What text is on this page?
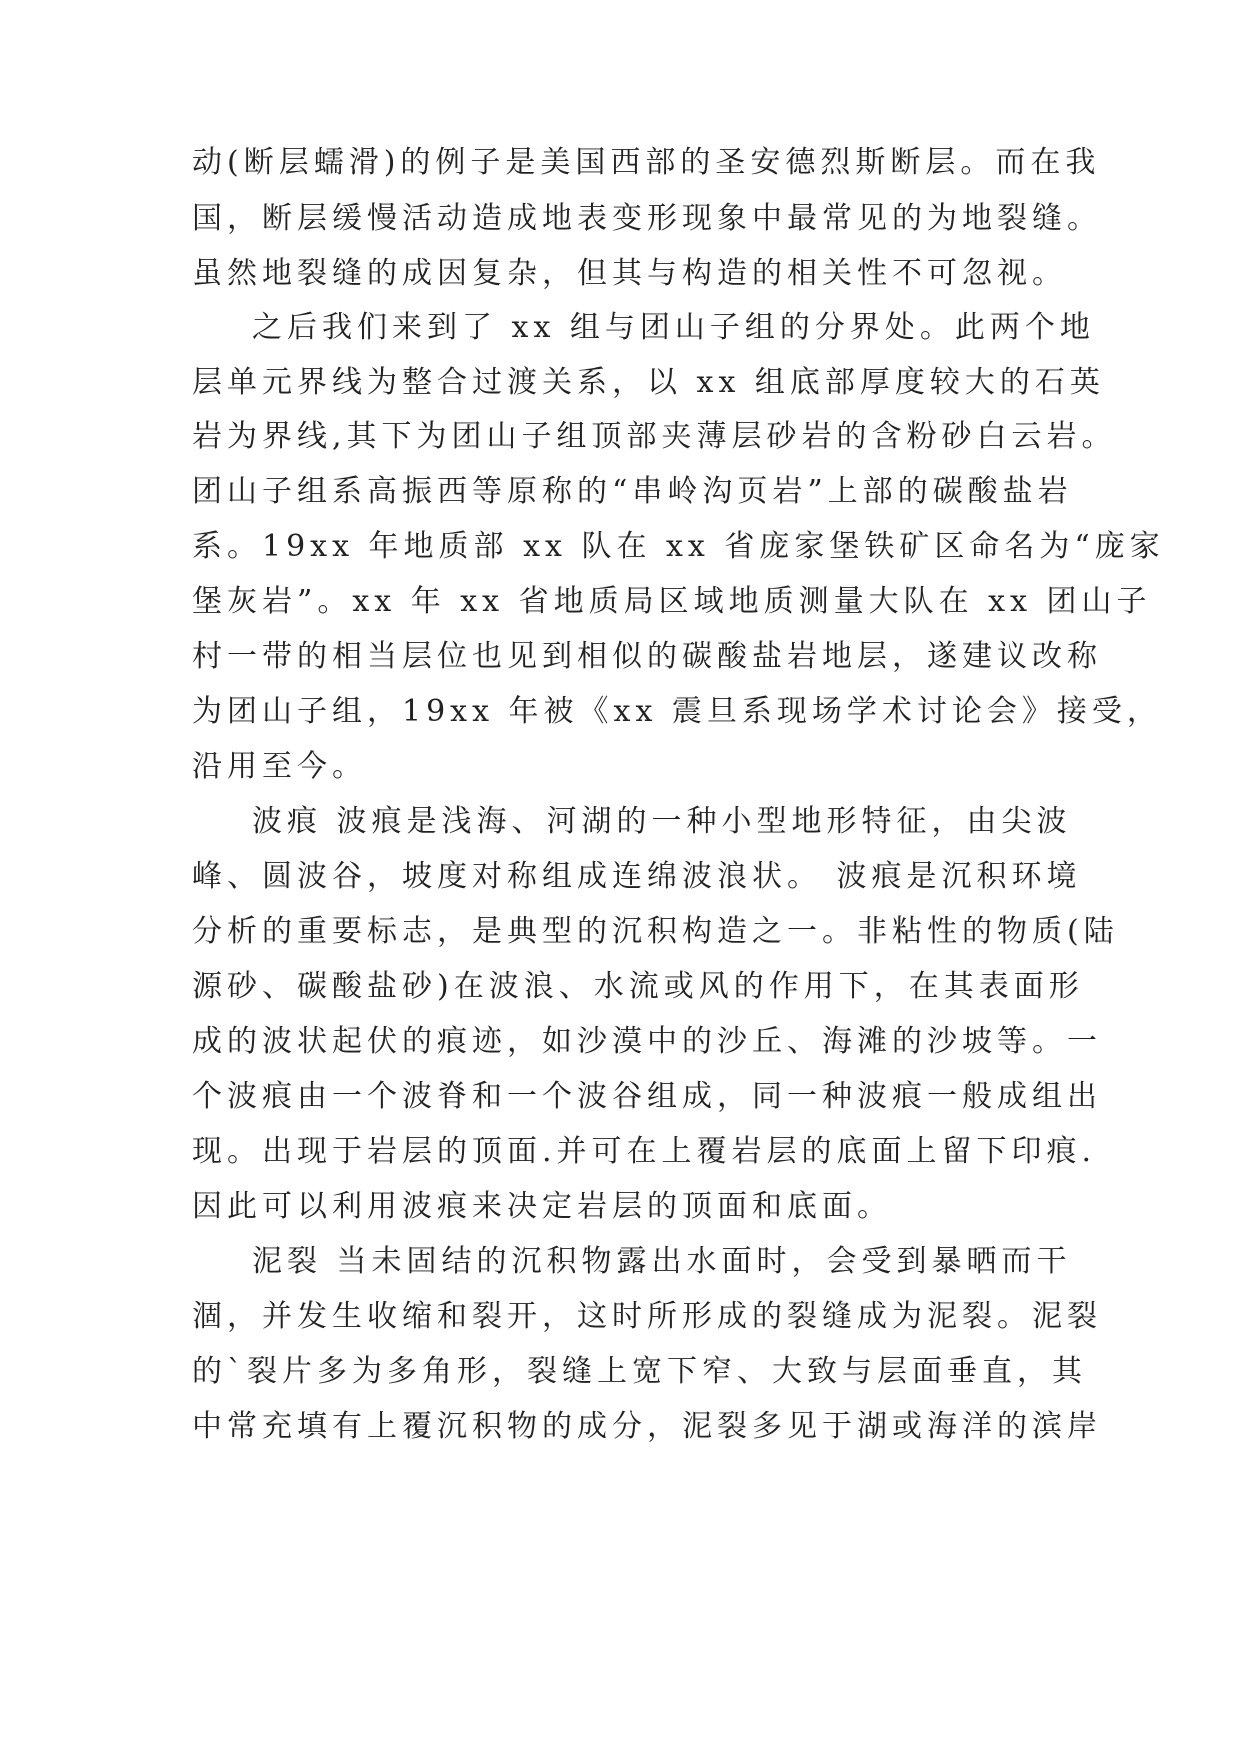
动(断层蠕滑)的例子是美国西部的圣安德烈斯断层。而在我
国，断层缓慢活动造成地表变形现象中最常见的为地裂缝。
虽然地裂缝的成因复杂，但其与构造的相关性不可忽视。
之后我们来到了 xx 组与团山子组的分界处。此两个地
层单元界线为整合过渡关系，以 xx 组底部厚度较大的石英
岩为界线,其下为团山子组顶部夹薄层砂岩的含粉砂白云岩。
团山子组系高振西等原称的“串岭沟页岩”上部的碳酸盐岩
系。19xx 年地质部 xx 队在 xx 省庞家堡铁矿区命名为“庞家
堡灰岩”。xx 年 xx 省地质局区域地质测量大队在 xx 团山子
村一带的相当层位也见到相似的碳酸盐岩地层，遂建议改称
为团山子组，19xx 年被《xx 震旦系现场学术讨论会》接受，
沿用至今。
波痕 波痕是浅海、河湖的一种小型地形特征，由尖波
峰、圆波谷，坡度对称组成连绵波浪状。 波痕是沉积环境
分析的重要标志，是典型的沉积构造之一。非粘性的物质(陆
源砂、碳酸盐砂)在波浪、水流或风的作用下，在其表面形
成的波状起伏的痕迹，如沙漠中的沙丘、海滩的沙坡等。一
个波痕由一个波脊和一个波谷组成，同一种波痕一般成组出
现。出现于岩层的顶面.并可在上覆岩层的底面上留下印痕.
因此可以利用波痕来决定岩层的顶面和底面。
泥裂 当未固结的沉积物露出水面时，会受到暴晒而干
涸，并发生收缩和裂开，这时所形成的裂缝成为泥裂。泥裂
的`裂片多为多角形，裂缝上宽下窄、大致与层面垂直，其
中常充填有上覆沉积物的成分，泥裂多见于湖或海洋的滨岸
